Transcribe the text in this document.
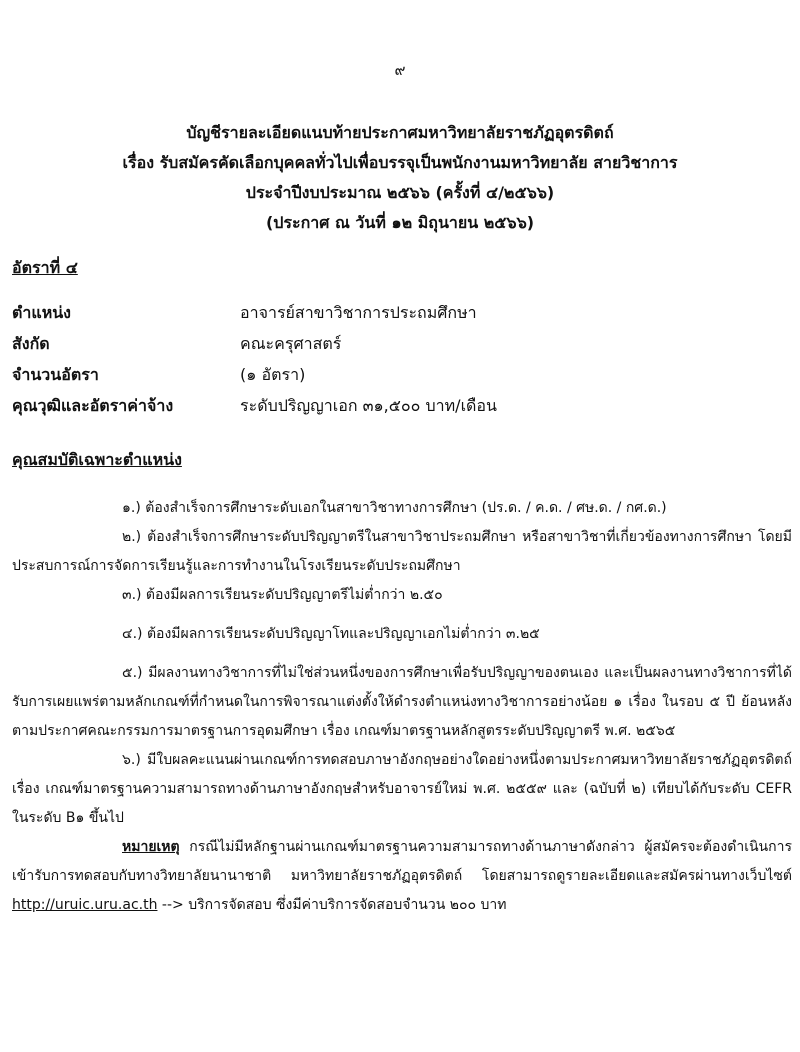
๙
บัญชีรายละเอียดแนบท้ายประกาศมหาวิทยาลัยราชภัฏอุตรดิตถ์
เรื่อง รับสมัครคัดเลือกบุคคลทั่วไปเพื่อบรรจุเป็นพนักงานมหาวิทยาลัย สายวิชาการ
ประจำปีงบประมาณ ๒๕๖๖ (ครั้งที่ ๔/๒๕๖๖)
(ประกาศ ณ วันที่ ๑๒ มิถุนายน ๒๕๖๖)
อัตราที่ ๔
ตำแหน่ง	อาจารย์สาขาวิชาการประถมศึกษา
สังกัด	คณะครุศาสตร์
จำนวนอัตรา	(๑ อัตรา)
คุณวุฒิและอัตราค่าจ้าง	ระดับปริญญาเอก ๓๑,๕๐๐ บาท/เดือน
คุณสมบัติเฉพาะตำแหน่ง
๑.) ต้องสำเร็จการศึกษาระดับเอกในสาขาวิชาทางการศึกษา (ปร.ด. / ค.ด. / ศษ.ด. / กศ.ด.)
๒.) ต้องสำเร็จการศึกษาระดับปริญญาตรีในสาขาวิชาประถมศึกษา หรือสาขาวิชาที่เกี่ยวข้องทางการศึกษา โดยมีประสบการณ์การจัดการเรียนรู้และการทำงานในโรงเรียนระดับประถมศึกษา
๓.) ต้องมีผลการเรียนระดับปริญญาตรีไม่ต่ำกว่า ๒.๕๐
๔.) ต้องมีผลการเรียนระดับปริญญาโทและปริญญาเอกไม่ต่ำกว่า ๓.๒๕
๕.) มีผลงานทางวิชาการที่ไม่ใช่ส่วนหนึ่งของการศึกษาเพื่อรับปริญญาของตนเอง และเป็นผลงานทางวิชาการที่ได้รับการเผยแพร่ตามหลักเกณฑ์ที่กำหนดในการพิจารณาแต่งตั้งให้ดำรงตำแหน่งทางวิชาการอย่างน้อย ๑ เรื่อง ในรอบ ๕ ปี ย้อนหลัง ตามประกาศคณะกรรมการมาตรฐานการอุดมศึกษา เรื่อง เกณฑ์มาตรฐานหลักสูตรระดับปริญญาตรี พ.ศ. ๒๕๖๕
๖.) มีใบผลคะแนนผ่านเกณฑ์การทดสอบภาษาอังกฤษอย่างใดอย่างหนึ่งตามประกาศมหาวิทยาลัยราชภัฏอุตรดิตถ์ เรื่อง เกณฑ์มาตรฐานความสามารถทางด้านภาษาอังกฤษสำหรับอาจารย์ใหม่ พ.ศ. ๒๕๕๙ และ (ฉบับที่ ๒) เทียบได้กับระดับ CEFR ในระดับ B๑ ขึ้นไป
หมายเหตุ กรณีไม่มีหลักฐานผ่านเกณฑ์มาตรฐานความสามารถทางด้านภาษาดังกล่าว ผู้สมัครจะต้องดำเนินการเข้ารับการทดสอบกับทางวิทยาลัยนานาชาติ มหาวิทยาลัยราชภัฏอุตรดิตถ์ โดยสามารถดูรายละเอียดและสมัครผ่านทางเว็บไซต์ http://uruic.uru.ac.th --> บริการจัดสอบ ซึ่งมีค่าบริการจัดสอบจำนวน ๒๐๐ บาท
